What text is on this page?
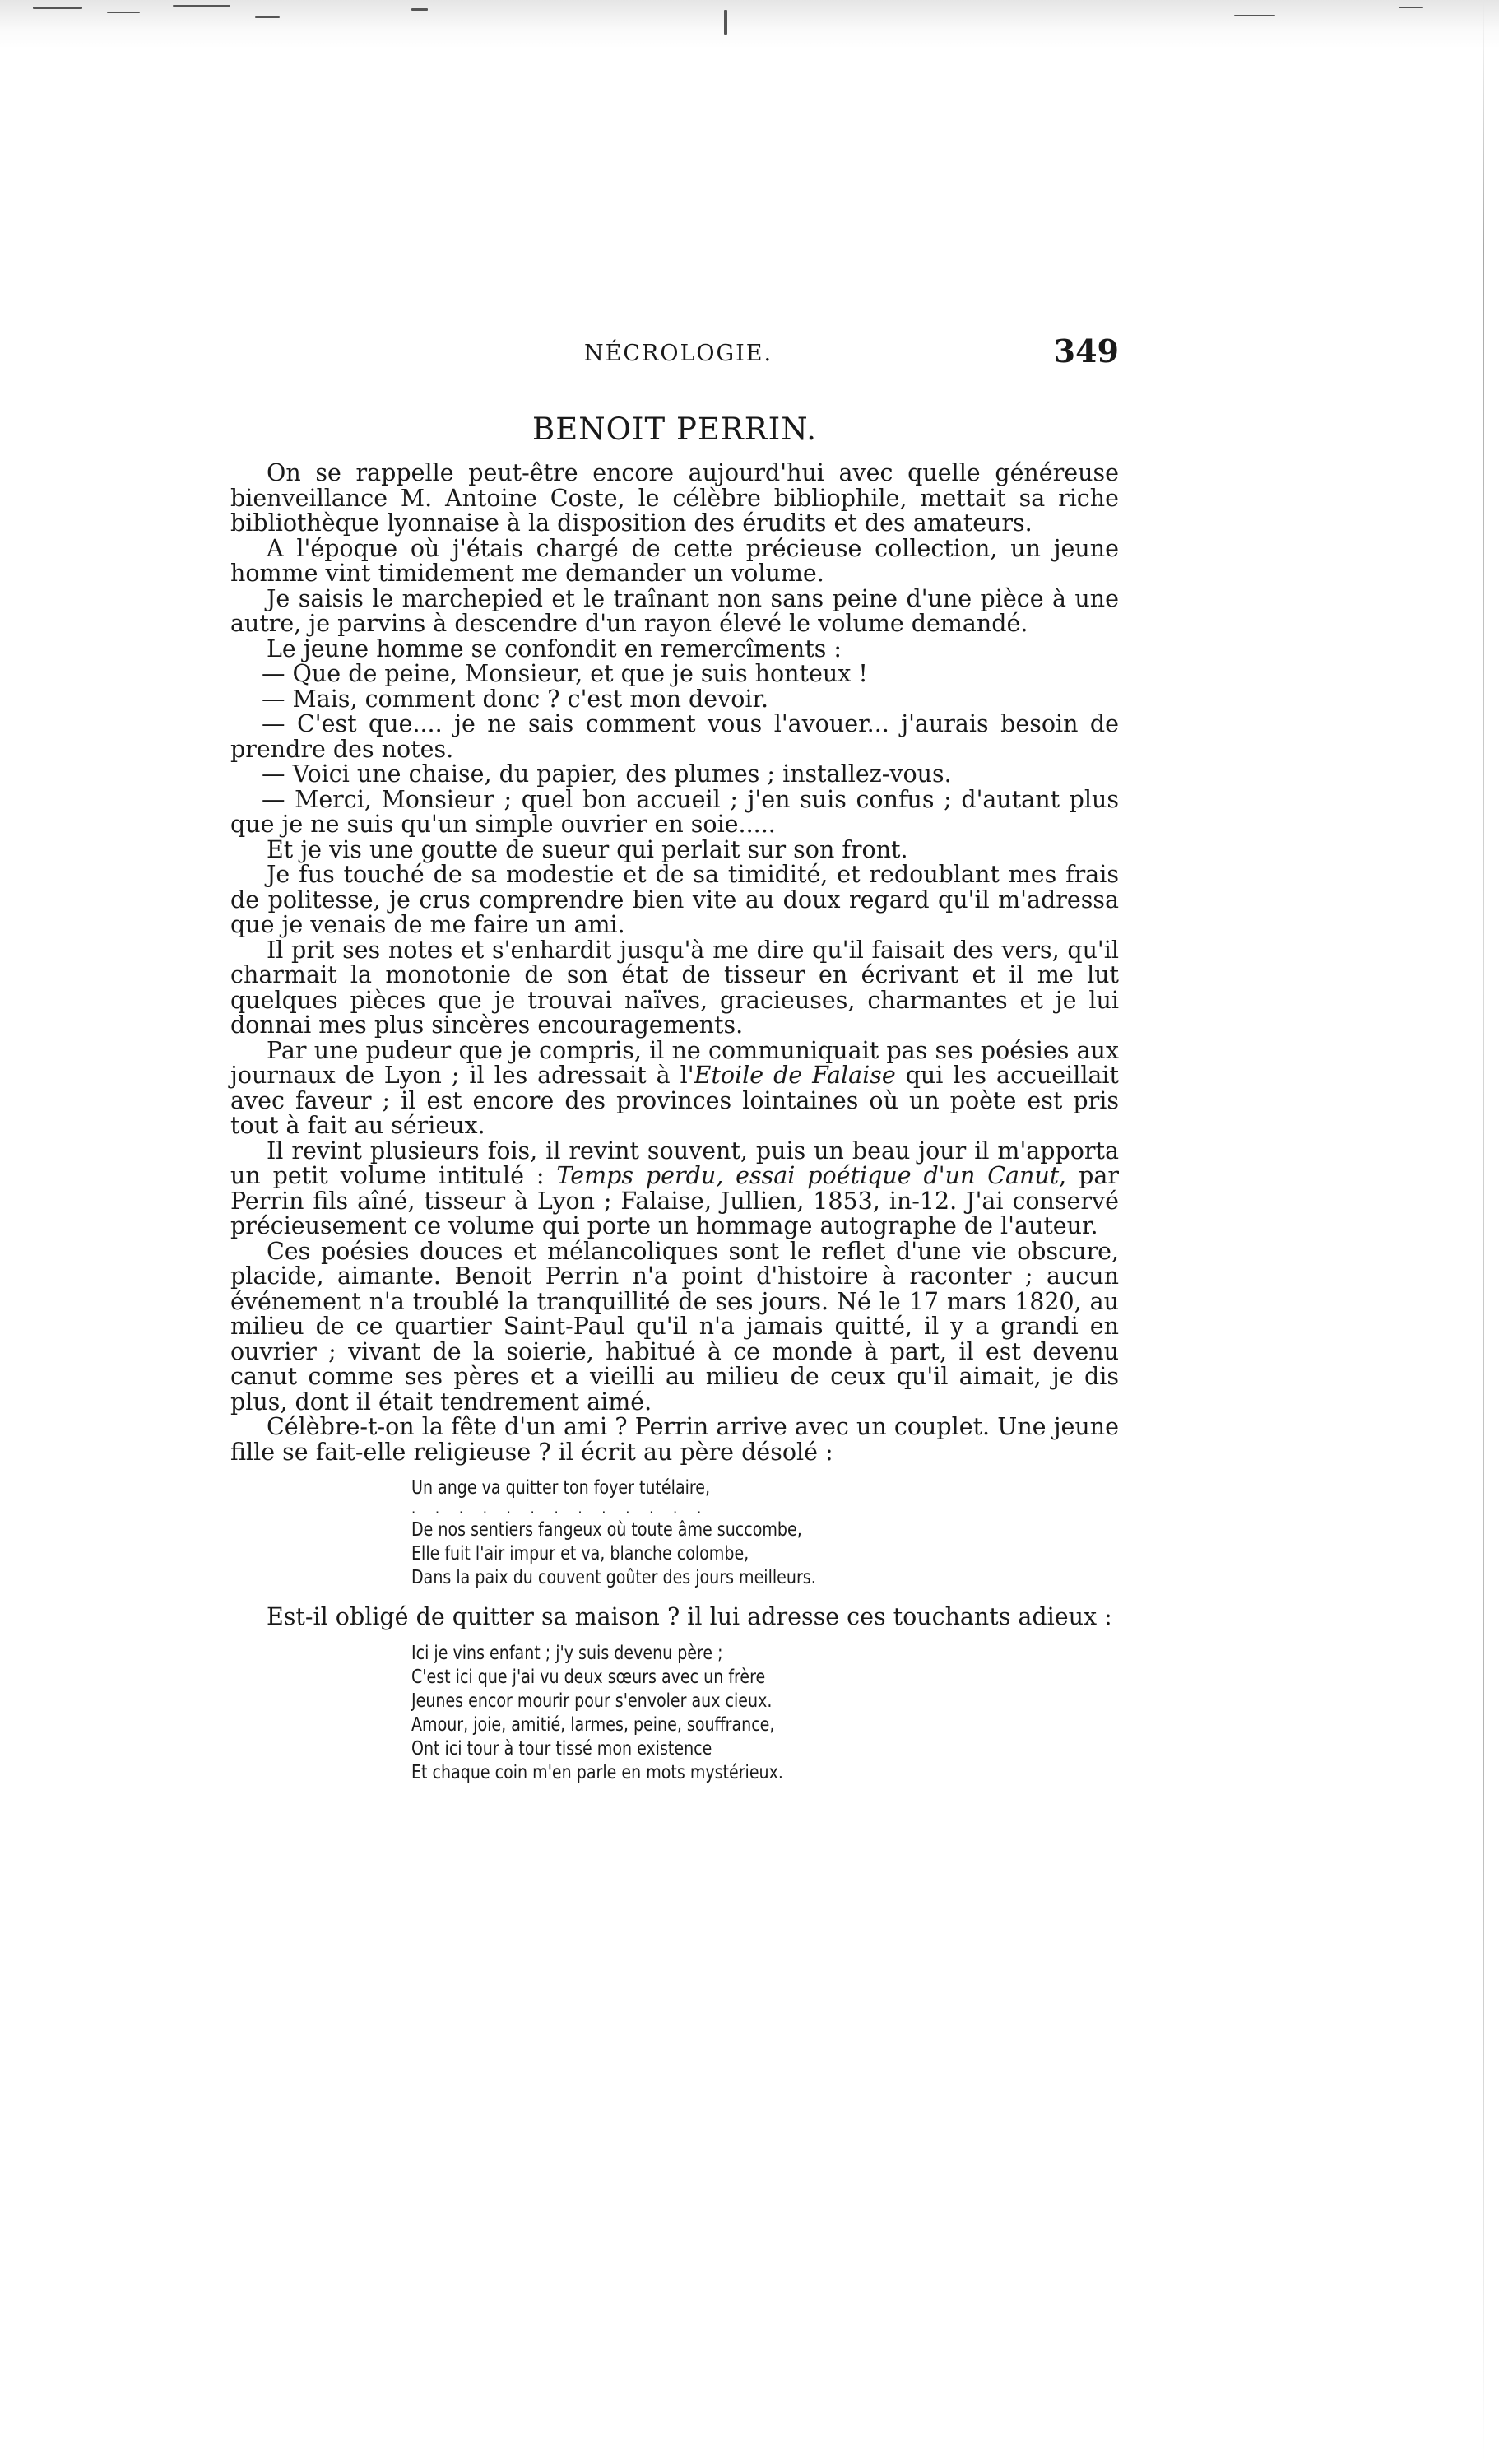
NÉCROLOGIE.	349
BENOIT PERRIN.

On se rappelle peut-être encore aujourd'hui avec quelle généreuse bienveillance M. Antoine Coste, le célèbre bibliophile, mettait sa riche bibliothèque lyonnaise à la disposition des érudits et des amateurs.

A l'époque où j'étais chargé de cette précieuse collection, un jeune homme vint timidement me demander un volume.

Je saisis le marchepied et le traînant non sans peine d'une pièce à une autre, je parvins à descendre d'un rayon élevé le volume demandé.

Le jeune homme se confondit en remercîments :

— Que de peine, Monsieur, et que je suis honteux !

— Mais, comment donc ? c'est mon devoir.

— C'est que.... je ne sais comment vous l'avouer... j'aurais besoin de prendre des notes.

— Voici une chaise, du papier, des plumes ; installez-vous.

— Merci, Monsieur ; quel bon accueil ; j'en suis confus ; d'autant plus que je ne suis qu'un simple ouvrier en soie.....

Et je vis une goutte de sueur qui perlait sur son front.

Je fus touché de sa modestie et de sa timidité, et redoublant mes frais de politesse, je crus comprendre bien vite au doux regard qu'il m'adressa que je venais de me faire un ami.

Il prit ses notes et s'enhardit jusqu'à me dire qu'il faisait des vers, qu'il charmait la monotonie de son état de tisseur en écrivant et il me lut quelques pièces que je trouvai naïves, gracieuses, charmantes et je lui donnai mes plus sincères encouragements.

Par une pudeur que je compris, il ne communiquait pas ses poésies aux journaux de Lyon ; il les adressait à l'Etoile de Falaise qui les accueillait avec faveur ; il est encore des provinces lointaines où un poète est pris tout à fait au sérieux.

Il revint plusieurs fois, il revint souvent, puis un beau jour il m'apporta un petit volume intitulé : Temps perdu, essai poétique d'un Canut, par Perrin fils aîné, tisseur à Lyon ; Falaise, Jullien, 1853, in-12. J'ai conservé précieusement ce volume qui porte un hommage autographe de l'auteur.

Ces poésies douces et mélancoliques sont le reflet d'une vie obscure, placide, aimante. Benoit Perrin n'a point d'histoire à raconter ; aucun événement n'a troublé la tranquillité de ses jours. Né le 17 mars 1820, au milieu de ce quartier Saint-Paul qu'il n'a jamais quitté, il y a grandi en ouvrier ; vivant de la soierie, habitué à ce monde à part, il est devenu canut comme ses pères et a vieilli au milieu de ceux qu'il aimait, je dis plus, dont il était tendrement aimé.

Célèbre-t-on la fête d'un ami ? Perrin arrive avec un couplet. Une jeune fille se fait-elle religieuse ? il écrit au père désolé :

Un ange va quitter ton foyer tutélaire,
. . . . . . . . . . . . .
De nos sentiers fangeux où toute âme succombe,
Elle fuit l'air impur et va, blanche colombe,
Dans la paix du couvent goûter des jours meilleurs.

Est-il obligé de quitter sa maison ? il lui adresse ces touchants adieux :

Ici je vins enfant ; j'y suis devenu père ;
C'est ici que j'ai vu deux sœurs avec un frère
Jeunes encor mourir pour s'envoler aux cieux.
Amour, joie, amitié, larmes, peine, souffrance,
Ont ici tour à tour tissé mon existence
Et chaque coin m'en parle en mots mystérieux.
